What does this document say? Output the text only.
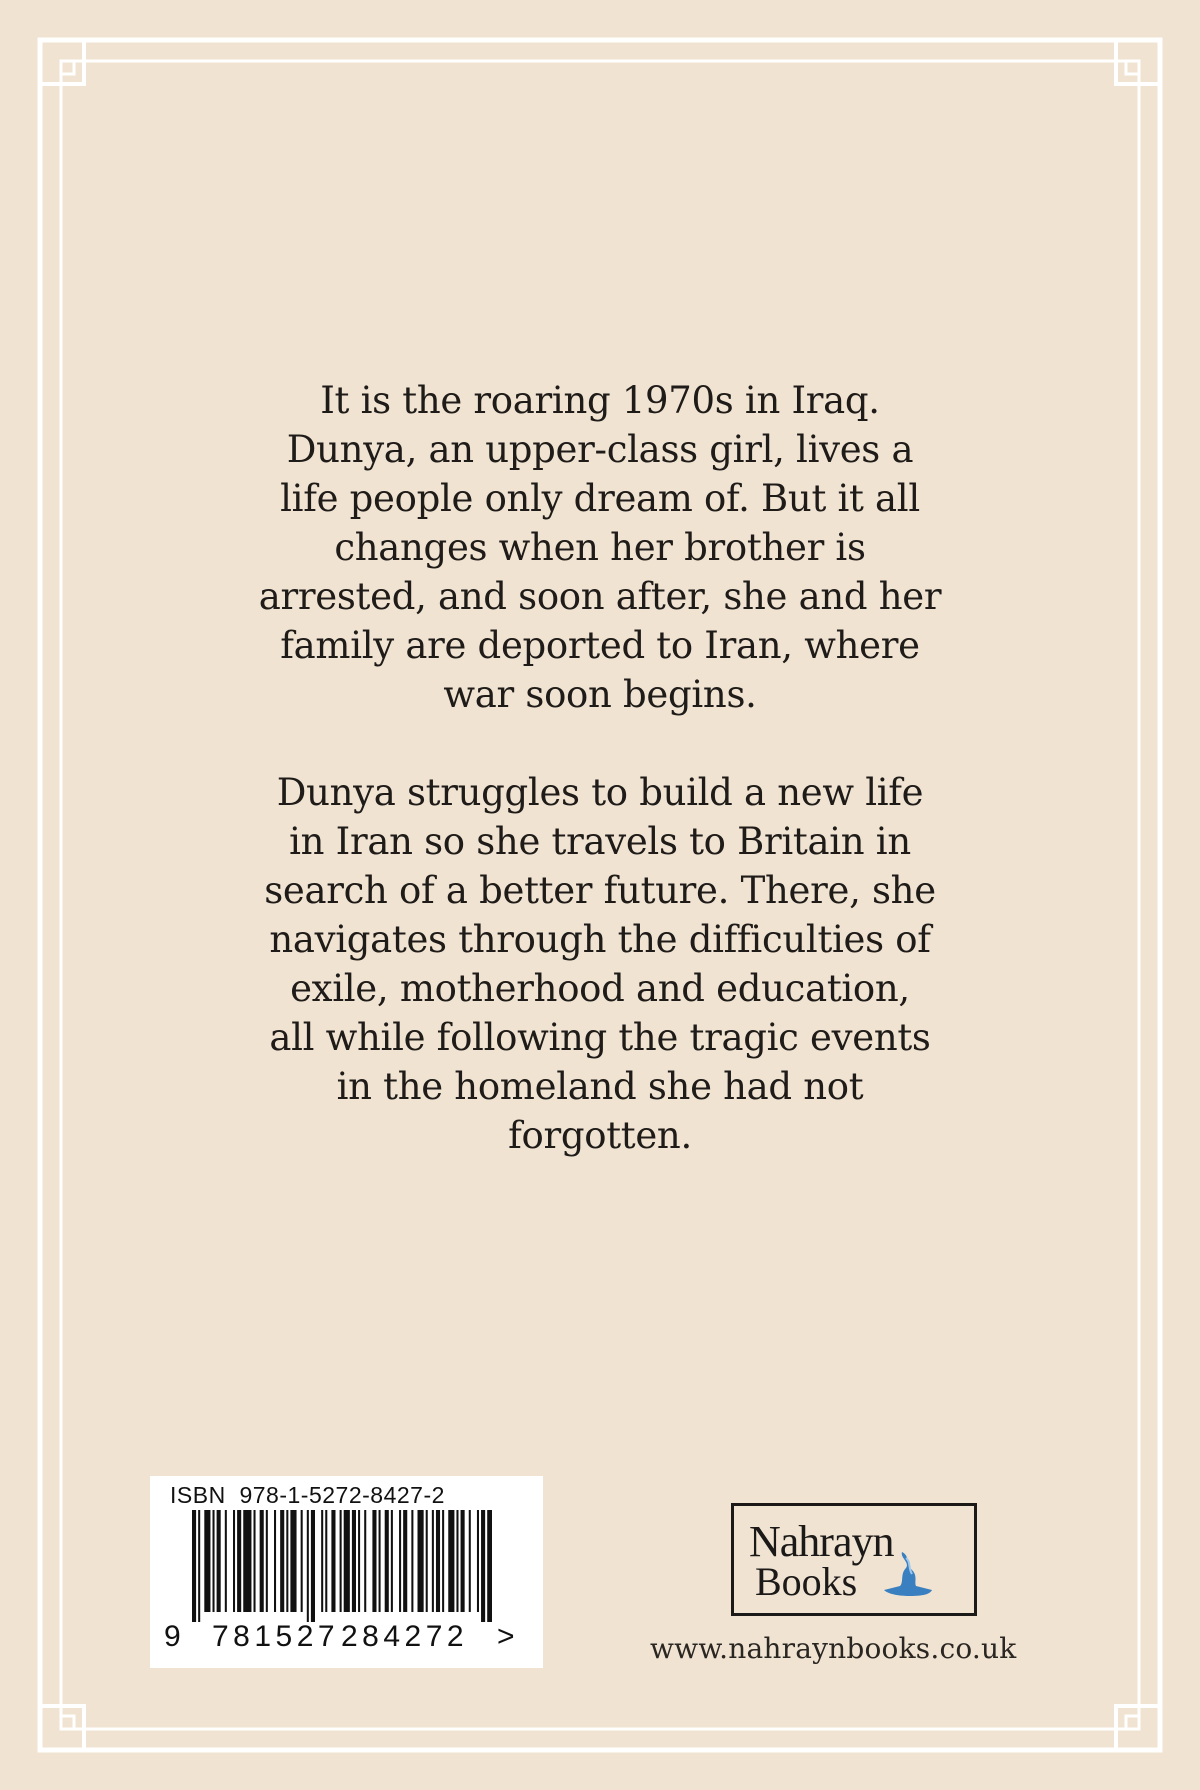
It is the roaring 1970s in Iraq.
Dunya, an upper-class girl, lives a
life people only dream of. But it all
changes when her brother is
arrested, and soon after, she and her
family are deported to Iran, where
war soon begins.

Dunya struggles to build a new life
in Iran so she travels to Britain in
search of a better future. There, she
navigates through the difficulties of
exile, motherhood and education,
all while following the tragic events
in the homeland she had not
forgotten.

ISBN 978-1-5272-8427-2
9 781527 284272 >
Nahrayn
Books
www.nahraynbooks.co.uk
